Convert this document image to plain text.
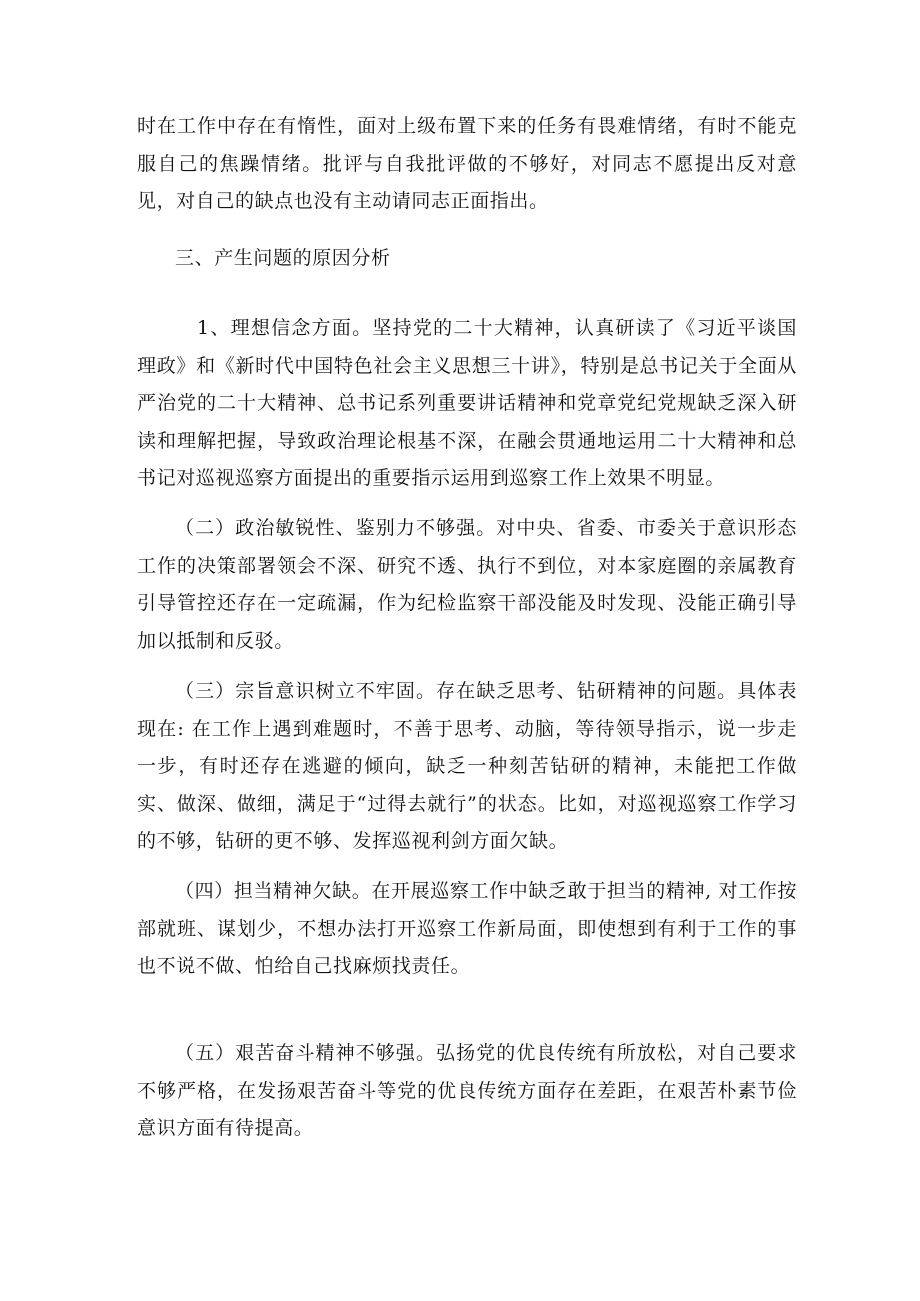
时在工作中存在有惰性，面对上级布置下来的任务有畏难情绪，有时不能克服自己的焦躁情绪。批评与自我批评做的不够好，对同志不愿提出反对意见，对自己的缺点也没有主动请同志正面指出。

三、产生问题的原因分析

1、理想信念方面。坚持党的二十大精神，认真研读了《习近平谈国理政》和《新时代中国特色社会主义思想三十讲》，特别是总书记关于全面从严治党的二十大精神、总书记系列重要讲话精神和党章党纪党规缺乏深入研读和理解把握，导致政治理论根基不深，在融会贯通地运用二十大精神和总书记对巡视巡察方面提出的重要指示运用到巡察工作上效果不明显。

（二）政治敏锐性、鉴别力不够强。对中央、省委、市委关于意识形态工作的决策部署领会不深、研究不透、执行不到位，对本家庭圈的亲属教育引导管控还存在一定疏漏，作为纪检监察干部没能及时发现、没能正确引导加以抵制和反驳。

（三）宗旨意识树立不牢固。存在缺乏思考、钻研精神的问题。具体表现在: 在工作上遇到难题时，不善于思考、动脑，等待领导指示，说一步走一步，有时还存在逃避的倾向，缺乏一种刻苦钻研的精神，未能把工作做实、做深、做细，满足于“过得去就行”的状态。比如，对巡视巡察工作学习的不够，钻研的更不够、发挥巡视利剑方面欠缺。

（四）担当精神欠缺。在开展巡察工作中缺乏敢于担当的精神, 对工作按部就班、谋划少，不想办法打开巡察工作新局面，即使想到有利于工作的事也不说不做、怕给自己找麻烦找责任。

（五）艰苦奋斗精神不够强。弘扬党的优良传统有所放松，对自己要求不够严格，在发扬艰苦奋斗等党的优良传统方面存在差距，在艰苦朴素节俭意识方面有待提高。
